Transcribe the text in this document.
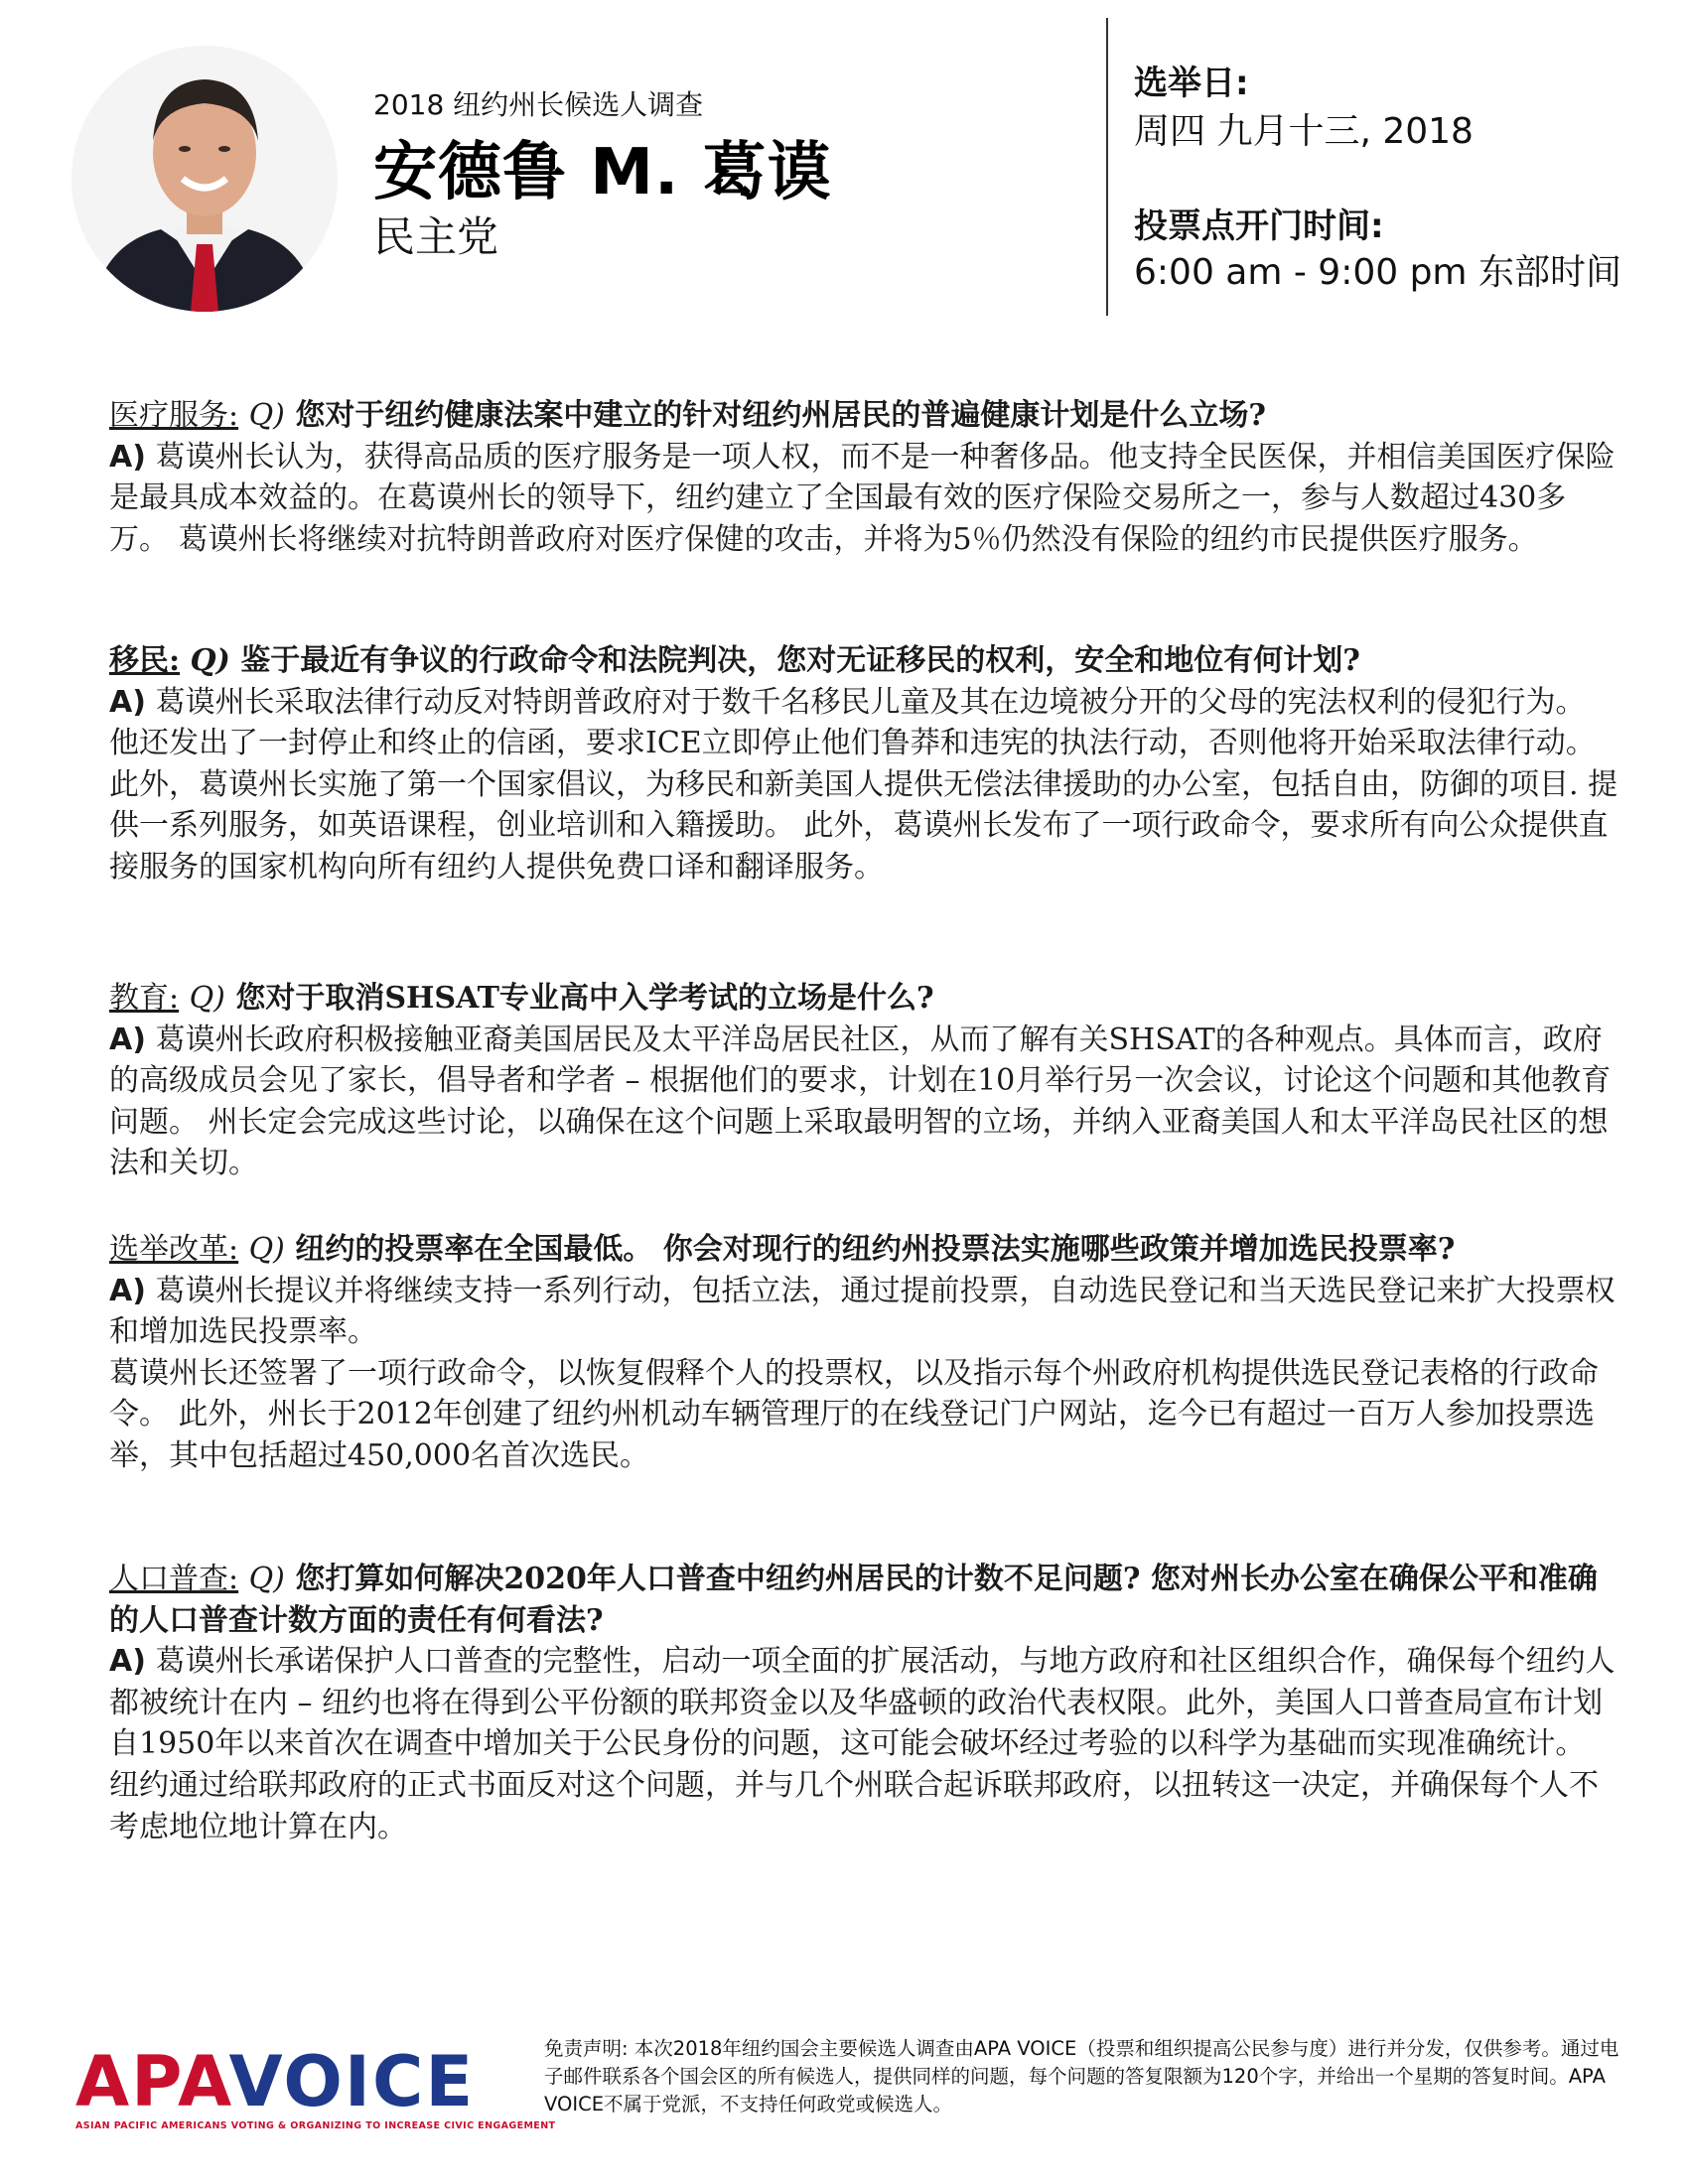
2018 纽约州长候选人调查
安德鲁 M. 葛谟
民主党
选举日:
周四 九月十三, 2018
投票点开门时间:
6:00 am - 9:00 pm 东部时间

医疗服务: Q) 您对于纽约健康法案中建立的针对纽约州居民的普遍健康计划是什么立场?

A) 葛谟州长认为，获得高品质的医疗服务是一项人权，而不是一种奢侈品。他支持全民医保，并相信美国医疗保险是最具成本效益的。在葛谟州长的领导下，纽约建立了全国最有效的医疗保险交易所之一，参与人数超过430多万。 葛谟州长将继续对抗特朗普政府对医疗保健的攻击，并将为5％仍然没有保险的纽约市民提供医疗服务。

移民: Q) 鉴于最近有争议的行政命令和法院判决，您对无证移民的权利，安全和地位有何计划?

A) 葛谟州长采取法律行动反对特朗普政府对于数千名移民儿童及其在边境被分开的父母的宪法权利的侵犯行为。 他还发出了一封停止和终止的信函，要求ICE立即停止他们鲁莽和违宪的执法行动，否则他将开始采取法律行动。 此外，葛谟州长实施了第一个国家倡议，为移民和新美国人提供无偿法律援助的办公室，包括自由，防御的项目. 提供一系列服务，如英语课程，创业培训和入籍援助。 此外，葛谟州长发布了一项行政命令，要求所有向公众提供直接服务的国家机构向所有纽约人提供免费口译和翻译服务。

教育: Q) 您对于取消SHSAT专业高中入学考试的立场是什么?

A) 葛谟州长政府积极接触亚裔美国居民及太平洋岛居民社区，从而了解有关SHSAT的各种观点。具体而言，政府的高级成员会见了家长，倡导者和学者 – 根据他们的要求，计划在10月举行另一次会议，讨论这个问题和其他教育问题。 州长定会完成这些讨论，以确保在这个问题上采取最明智的立场，并纳入亚裔美国人和太平洋岛民社区的想法和关切。

选举改革: Q) 纽约的投票率在全国最低。 你会对现行的纽约州投票法实施哪些政策并增加选民投票率?

A) 葛谟州长提议并将继续支持一系列行动，包括立法，通过提前投票，自动选民登记和当天选民登记来扩大投票权和增加选民投票率。

葛谟州长还签署了一项行政命令，以恢复假释个人的投票权，以及指示每个州政府机构提供选民登记表格的行政命令。 此外，州长于2012年创建了纽约州机动车辆管理厅的在线登记门户网站，迄今已有超过一百万人参加投票选举，其中包括超过450,000名首次选民。

人口普查: Q) 您打算如何解决2020年人口普查中纽约州居民的计数不足问题? 您对州长办公室在确保公平和准确的人口普查计数方面的责任有何看法?

A) 葛谟州长承诺保护人口普查的完整性，启动一项全面的扩展活动，与地方政府和社区组织合作，确保每个纽约人都被统计在内 – 纽约也将在得到公平份额的联邦资金以及华盛顿的政治代表权限。此外，美国人口普查局宣布计划自1950年以来首次在调查中增加关于公民身份的问题，这可能会破坏经过考验的以科学为基础而实现准确统计。 纽约通过给联邦政府的正式书面反对这个问题，并与几个州联合起诉联邦政府，以扭转这一决定，并确保每个人不考虑地位地计算在内。

APAVOICE
ASIAN PACIFIC AMERICANS VOTING & ORGANIZING TO INCREASE CIVIC ENGAGEMENT
免责声明: 本次2018年纽约国会主要候选人调查由APA VOICE（投票和组织提高公民参与度）进行并分发，仅供参考。通过电子邮件联系各个国会区的所有候选人，提供同样的问题，每个问题的答复限额为120个字，并给出一个星期的答复时间。APA VOICE不属于党派，不支持任何政党或候选人。
